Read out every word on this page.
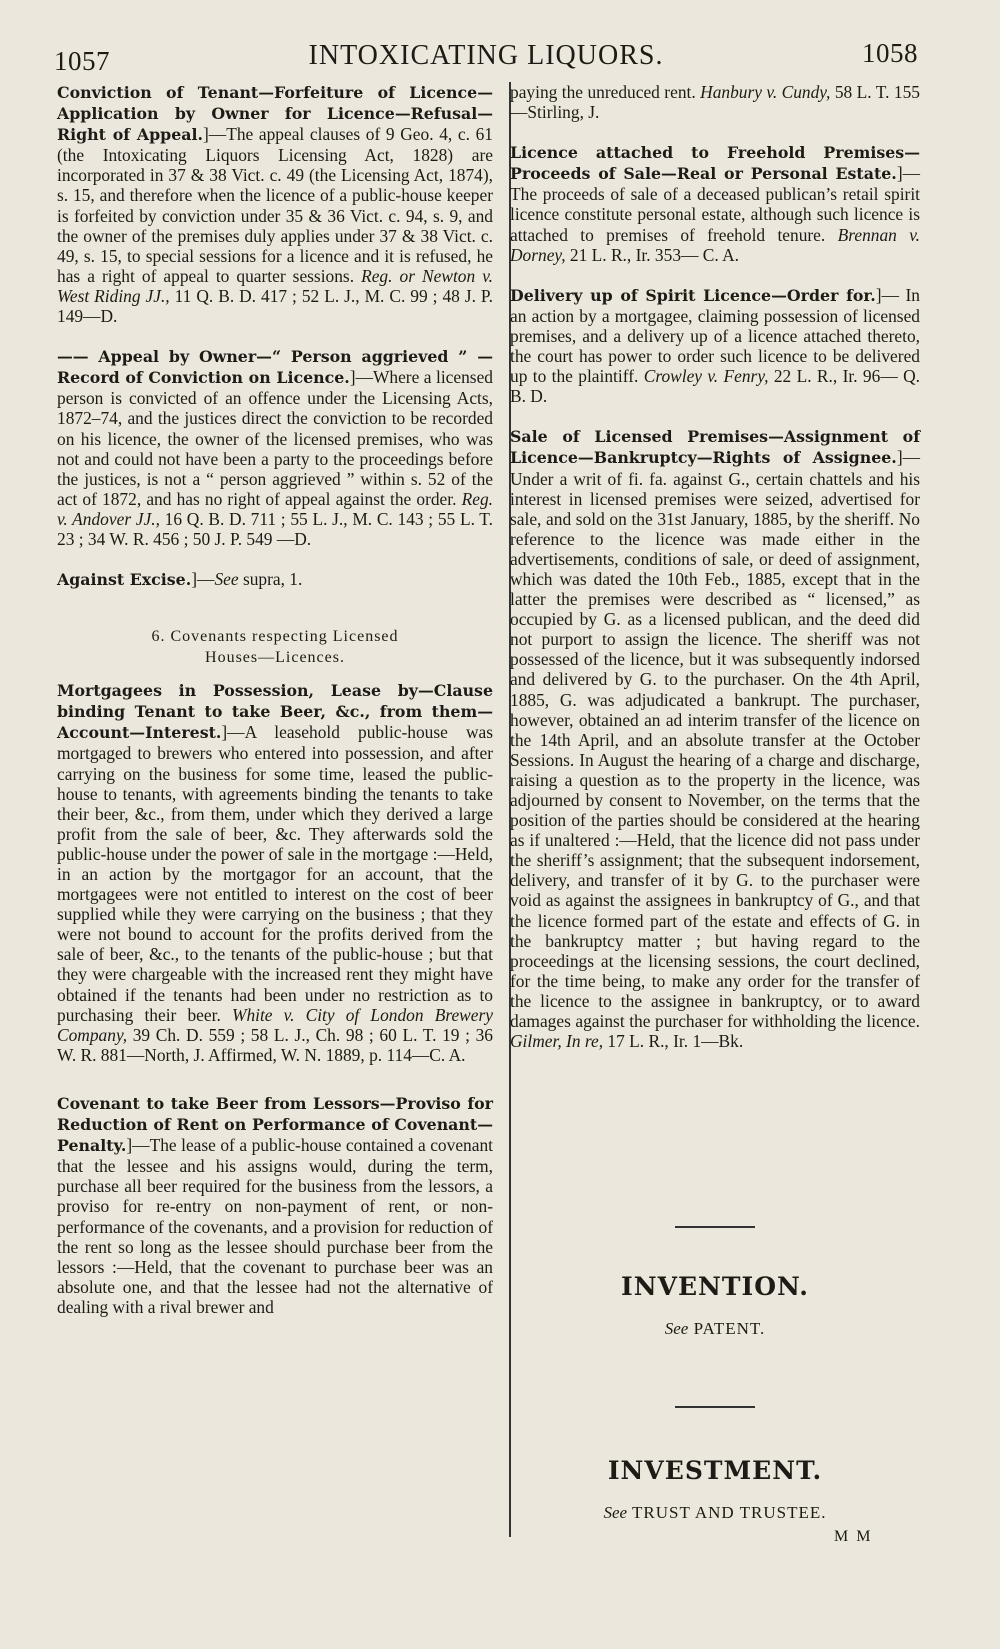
1057	INTOXICATING LIQUORS.	1058

Conviction of Tenant—Forfeiture of Licence—Application by Owner for Licence—Refusal—Right of Appeal.]—The appeal clauses of 9 Geo. 4, c. 61 (the Intoxicating Liquors Licensing Act, 1828) are incorporated in 37 & 38 Vict. c. 49 (the Licensing Act, 1874), s. 15, and therefore when the licence of a public-house keeper is forfeited by conviction under 35 & 36 Vict. c. 94, s. 9, and the owner of the premises duly applies under 37 & 38 Vict. c. 49, s. 15, to special sessions for a licence and it is refused, he has a right of appeal to quarter sessions. Reg. or Newton v. West Riding JJ., 11 Q. B. D. 417 ; 52 L. J., M. C. 99 ; 48 J. P. 149—D.

—— Appeal by Owner—“ Person aggrieved ” —Record of Conviction on Licence.]—Where a licensed person is convicted of an offence under the Licensing Acts, 1872–74, and the justices direct the conviction to be recorded on his licence, the owner of the licensed premises, who was not and could not have been a party to the proceedings before the justices, is not a “ person aggrieved ” within s. 52 of the act of 1872, and has no right of appeal against the order. Reg. v. Andover JJ., 16 Q. B. D. 711 ; 55 L. J., M. C. 143 ; 55 L. T. 23 ; 34 W. R. 456 ; 50 J. P. 549 —D.

Against Excise.]—See supra, 1.

6. Covenants respecting Licensed
Houses—Licences.

Mortgagees in Possession, Lease by—Clause binding Tenant to take Beer, &c., from them—Account—Interest.]—A leasehold public-house was mortgaged to brewers who entered into possession, and after carrying on the business for some time, leased the public-house to tenants, with agreements binding the tenants to take their beer, &c., from them, under which they derived a large profit from the sale of beer, &c. They afterwards sold the public-house under the power of sale in the mortgage :—Held, in an action by the mortgagor for an account, that the mortgagees were not entitled to interest on the cost of beer supplied while they were carrying on the business ; that they were not bound to account for the profits derived from the sale of beer, &c., to the tenants of the public-house ; but that they were chargeable with the increased rent they might have obtained if the tenants had been under no restriction as to purchasing their beer. White v. City of London Brewery Company, 39 Ch. D. 559 ; 58 L. J., Ch. 98 ; 60 L. T. 19 ; 36 W. R. 881—North, J. Affirmed, W. N. 1889, p. 114—C. A.

Covenant to take Beer from Lessors—Proviso for Reduction of Rent on Performance of Covenant—Penalty.]—The lease of a public-house contained a covenant that the lessee and his assigns would, during the term, purchase all beer required for the business from the lessors, a proviso for re-entry on non-payment of rent, or non-performance of the covenants, and a provision for reduction of the rent so long as the lessee should purchase beer from the lessors :—Held, that the covenant to purchase beer was an absolute one, and that the lessee had not the alternative of dealing with a rival brewer and

paying the unreduced rent. Hanbury v. Cundy, 58 L. T. 155—Stirling, J.

Licence attached to Freehold Premises—Proceeds of Sale—Real or Personal Estate.]—The proceeds of sale of a deceased publican’s retail spirit licence constitute personal estate, although such licence is attached to premises of freehold tenure. Brennan v. Dorney, 21 L. R., Ir. 353— C. A.

Delivery up of Spirit Licence—Order for.]— In an action by a mortgagee, claiming possession of licensed premises, and a delivery up of a licence attached thereto, the court has power to order such licence to be delivered up to the plaintiff. Crowley v. Fenry, 22 L. R., Ir. 96— Q. B. D.

Sale of Licensed Premises—Assignment of Licence—Bankruptcy—Rights of Assignee.]— Under a writ of fi. fa. against G., certain chattels and his interest in licensed premises were seized, advertised for sale, and sold on the 31st January, 1885, by the sheriff. No reference to the licence was made either in the advertisements, conditions of sale, or deed of assignment, which was dated the 10th Feb., 1885, except that in the latter the premises were described as “ licensed,” as occupied by G. as a licensed publican, and the deed did not purport to assign the licence. The sheriff was not possessed of the licence, but it was subsequently indorsed and delivered by G. to the purchaser. On the 4th April, 1885, G. was adjudicated a bankrupt. The purchaser, however, obtained an ad interim transfer of the licence on the 14th April, and an absolute transfer at the October Sessions. In August the hearing of a charge and discharge, raising a question as to the property in the licence, was adjourned by consent to November, on the terms that the position of the parties should be considered at the hearing as if unaltered :—Held, that the licence did not pass under the sheriff’s assignment; that the subsequent indorsement, delivery, and transfer of it by G. to the purchaser were void as against the assignees in bankruptcy of G., and that the licence formed part of the estate and effects of G. in the bankruptcy matter ; but having regard to the proceedings at the licensing sessions, the court declined, for the time being, to make any order for the transfer of the licence to the assignee in bankruptcy, or to award damages against the purchaser for withholding the licence. Gilmer, In re, 17 L. R., Ir. 1—Bk.

INVENTION.
See PATENT.
INVESTMENT.
See TRUST AND TRUSTEE.
M M
